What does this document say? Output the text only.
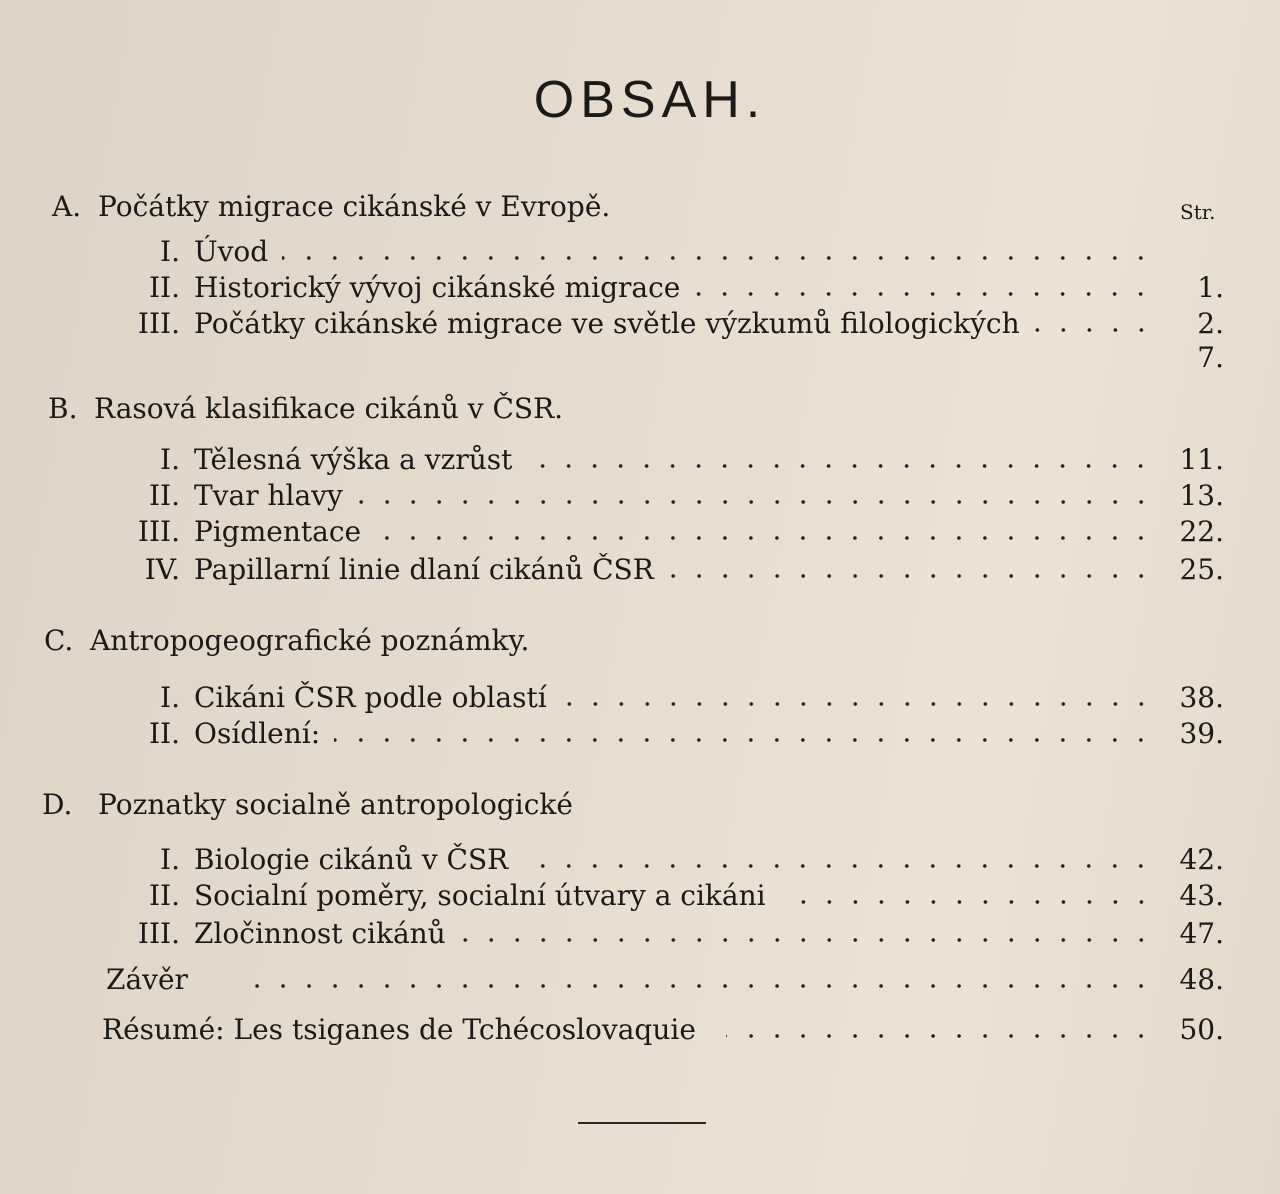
OBSAH.
Str.
A. Počátky migrace cikánské v Evropě.
I. Úvod
II. Historický vývoj cikánské migrace	1.
III. Počátky cikánské migrace ve světle výzkumů filologických	2.
7.
B. Rasová klasifikace cikánů v ČSR.
I. Tělesná výška a vzrůst	11.
II. Tvar hlavy	13.
III. Pigmentace	22.
IV. Papillarní linie dlaní cikánů ČSR	25.
C. Antropogeografické poznámky.
I. Cikáni ČSR podle oblastí	38.
II. Osídlení:	39.
D. Poznatky socialně antropologické
I. Biologie cikánů v ČSR	42.
II. Socialní poměry, socialní útvary a cikáni	43.
III. Zločinnost cikánů	47.
Závěr	48.
Résumé: Les tsiganes de Tchécoslovaquie	50.
